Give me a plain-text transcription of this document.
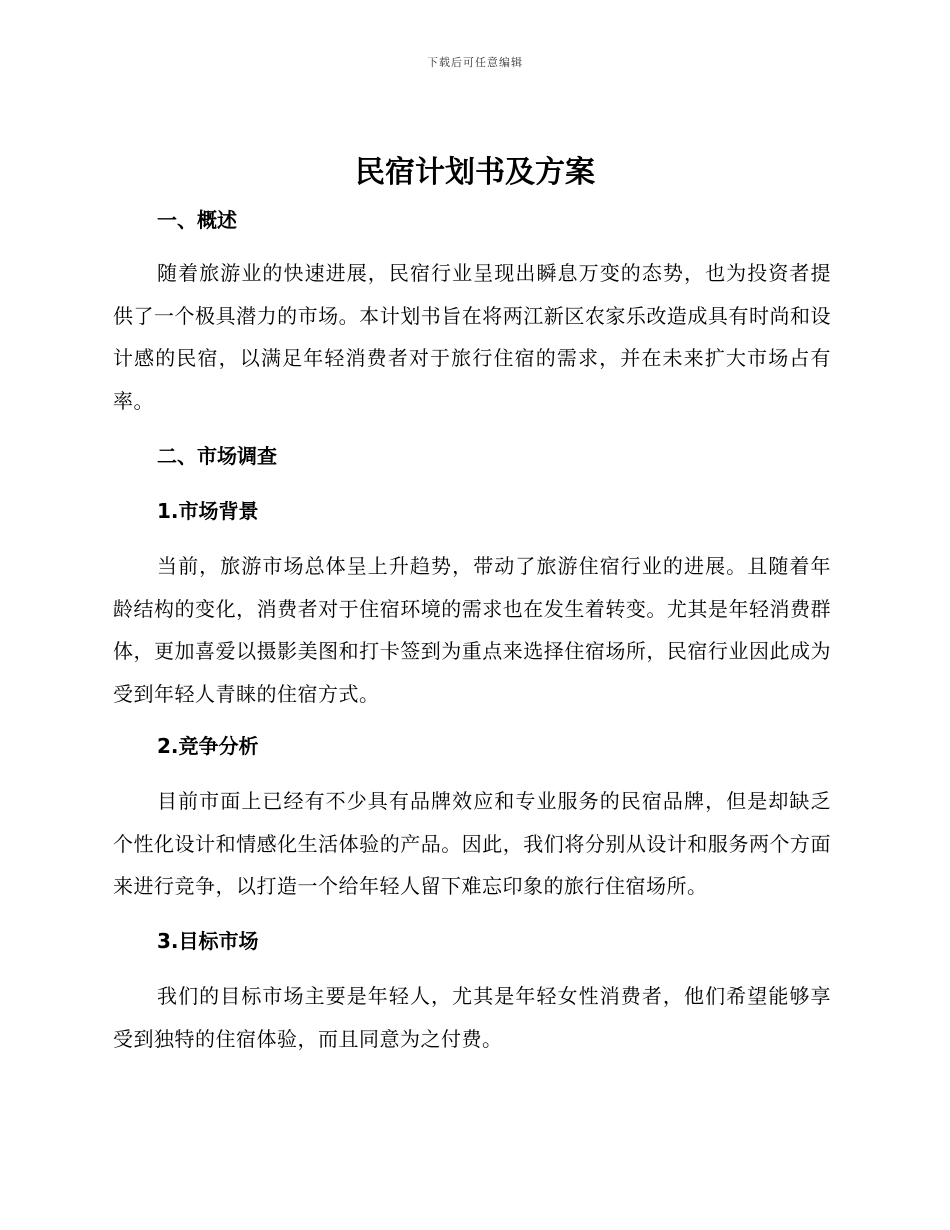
下载后可任意编辑
民宿计划书及方案
一、概述

随着旅游业的快速进展，民宿行业呈现出瞬息万变的态势，也为投资者提供了一个极具潜力的市场。本计划书旨在将两江新区农家乐改造成具有时尚和设计感的民宿，以满足年轻消费者对于旅行住宿的需求，并在未来扩大市场占有率。

二、市场调查
1.市场背景

当前，旅游市场总体呈上升趋势，带动了旅游住宿行业的进展。且随着年龄结构的变化，消费者对于住宿环境的需求也在发生着转变。尤其是年轻消费群体，更加喜爱以摄影美图和打卡签到为重点来选择住宿场所，民宿行业因此成为受到年轻人青睐的住宿方式。

2.竞争分析

目前市面上已经有不少具有品牌效应和专业服务的民宿品牌，但是却缺乏个性化设计和情感化生活体验的产品。因此，我们将分别从设计和服务两个方面来进行竞争，以打造一个给年轻人留下难忘印象的旅行住宿场所。

3.目标市场

我们的目标市场主要是年轻人，尤其是年轻女性消费者，他们希望能够享受到独特的住宿体验，而且同意为之付费。
